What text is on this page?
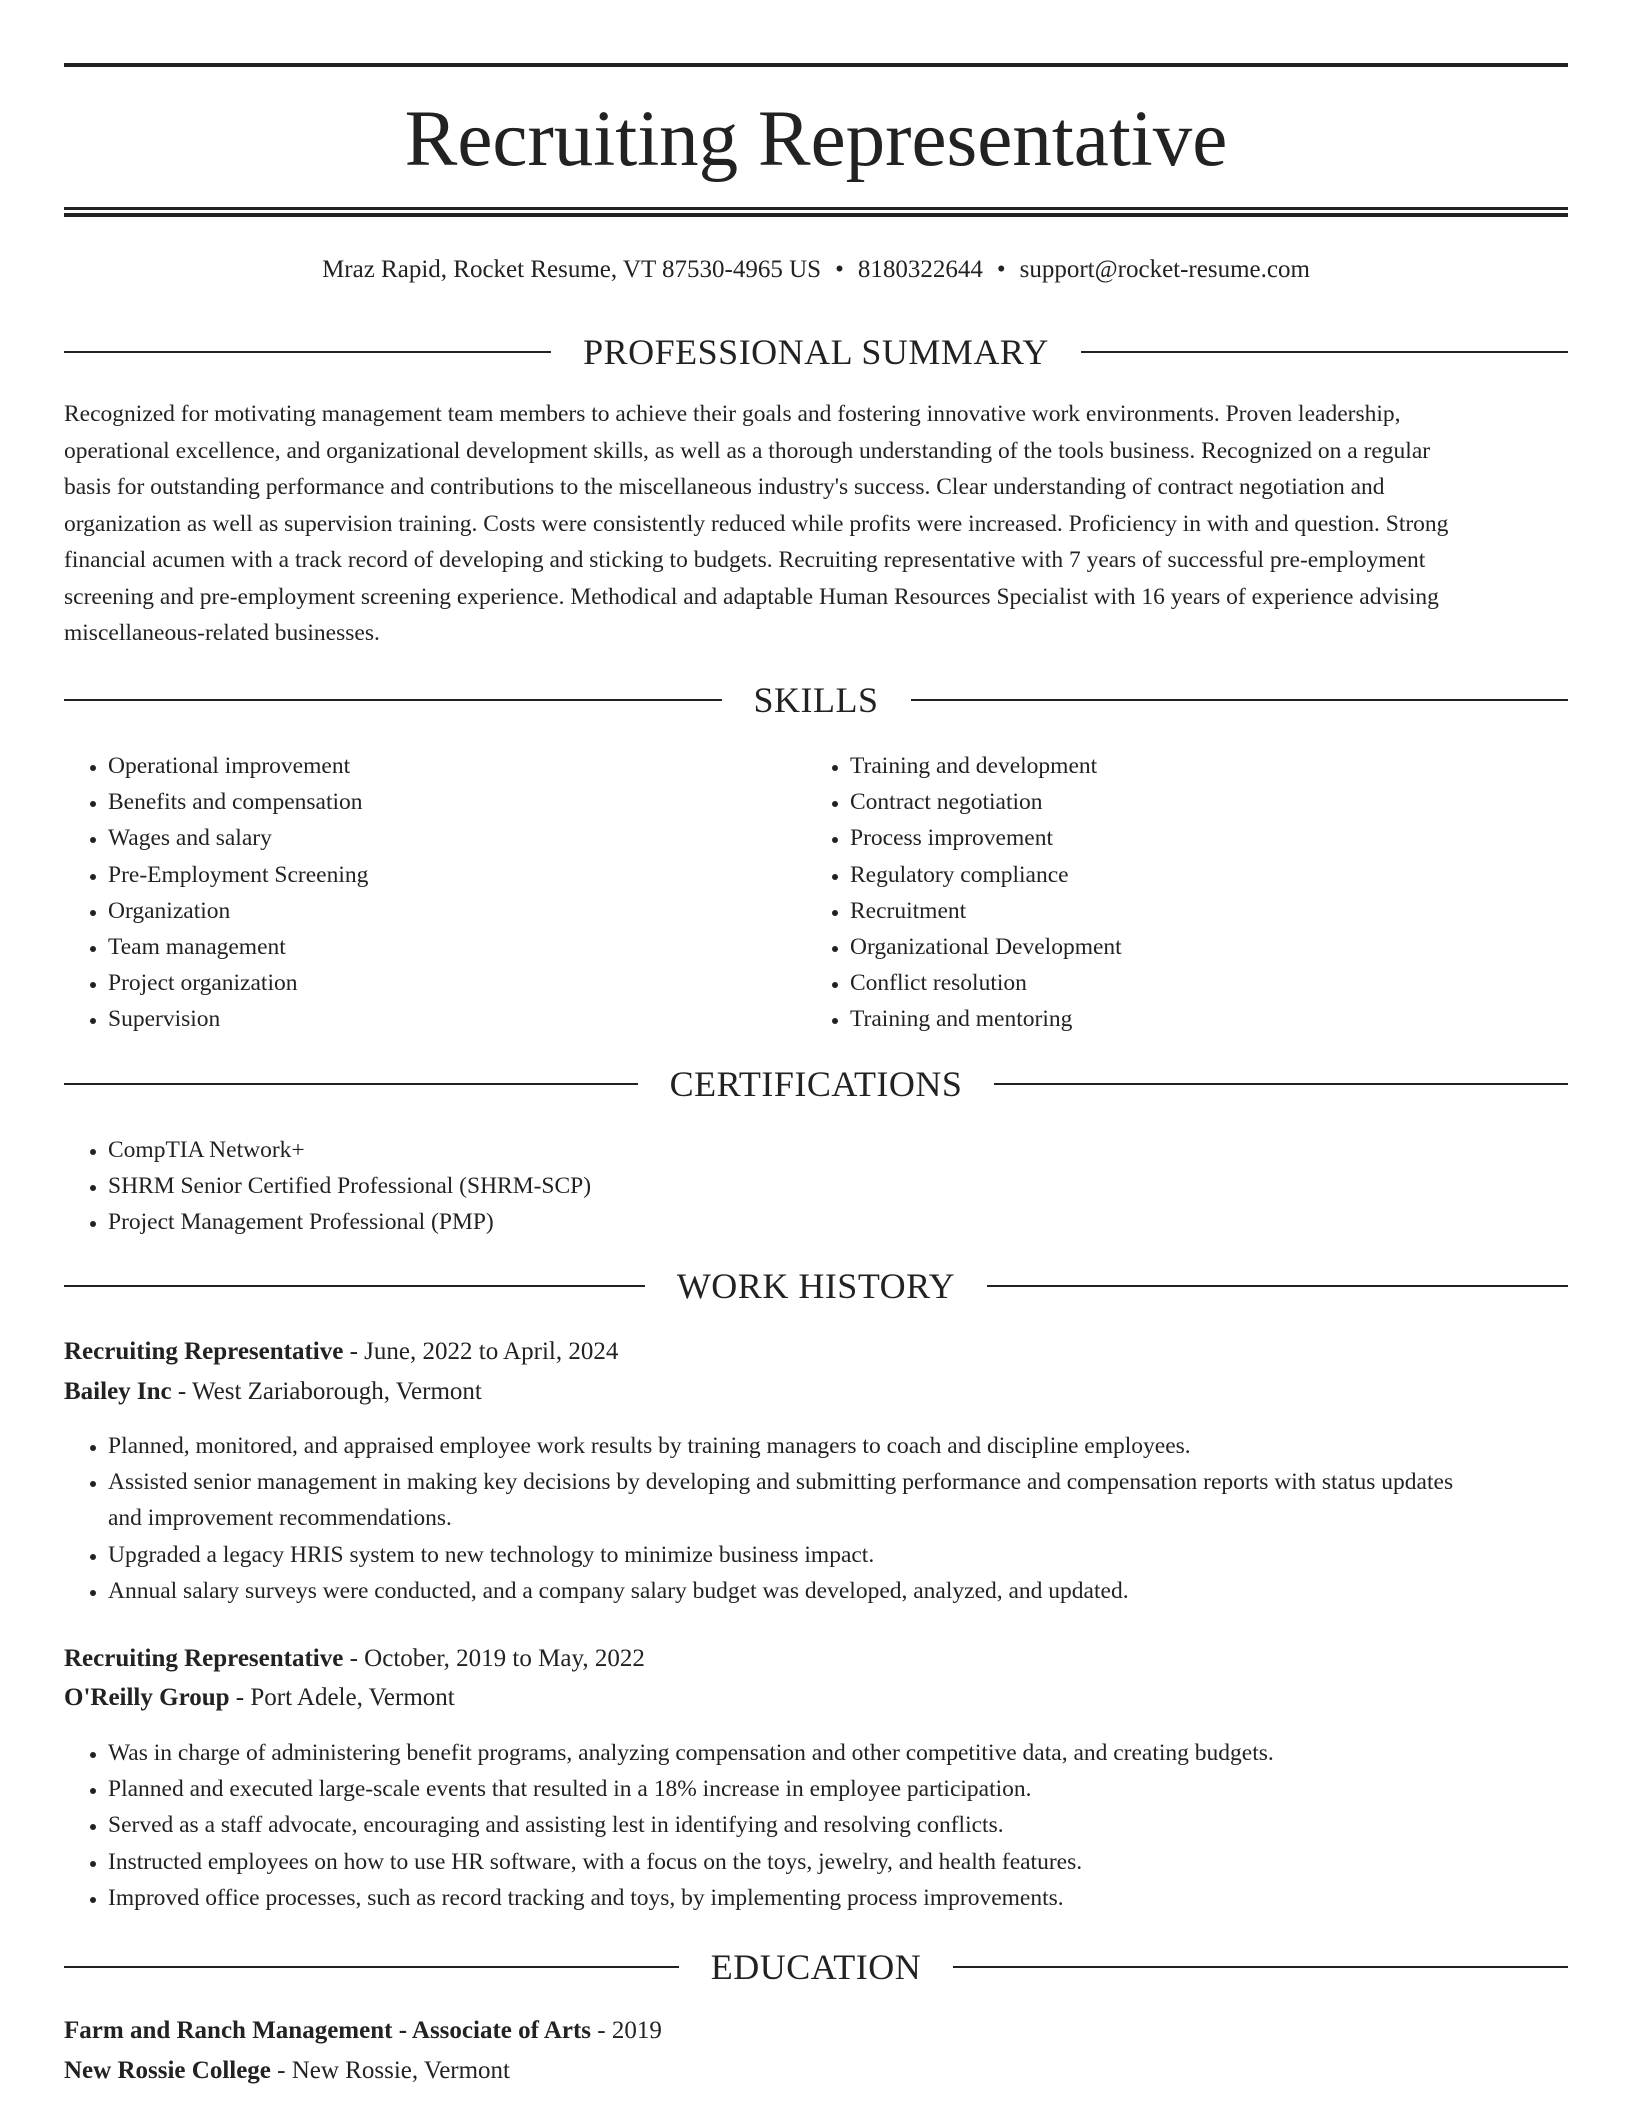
Recruiting Representative
Mraz Rapid, Rocket Resume, VT 87530-4965 US • 8180322644 • support@rocket-resume.com
PROFESSIONAL SUMMARY
Recognized for motivating management team members to achieve their goals and fostering innovative work environments. Proven leadership,
operational excellence, and organizational development skills, as well as a thorough understanding of the tools business. Recognized on a regular
basis for outstanding performance and contributions to the miscellaneous industry's success. Clear understanding of contract negotiation and
organization as well as supervision training. Costs were consistently reduced while profits were increased. Proficiency in with and question. Strong
financial acumen with a track record of developing and sticking to budgets. Recruiting representative with 7 years of successful pre-employment
screening and pre-employment screening experience. Methodical and adaptable Human Resources Specialist with 16 years of experience advising
miscellaneous-related businesses.
SKILLS
• Operational improvement
• Benefits and compensation
• Wages and salary
• Pre-Employment Screening
• Organization
• Team management
• Project organization
• Supervision
• Training and development
• Contract negotiation
• Process improvement
• Regulatory compliance
• Recruitment
• Organizational Development
• Conflict resolution
• Training and mentoring
CERTIFICATIONS
• CompTIA Network+
• SHRM Senior Certified Professional (SHRM-SCP)
• Project Management Professional (PMP)
WORK HISTORY
Recruiting Representative - June, 2022 to April, 2024
Bailey Inc - West Zariaborough, Vermont
• Planned, monitored, and appraised employee work results by training managers to coach and discipline employees.
• Assisted senior management in making key decisions by developing and submitting performance and compensation reports with status updates
and improvement recommendations.
• Upgraded a legacy HRIS system to new technology to minimize business impact.
• Annual salary surveys were conducted, and a company salary budget was developed, analyzed, and updated.
Recruiting Representative - October, 2019 to May, 2022
O'Reilly Group - Port Adele, Vermont
• Was in charge of administering benefit programs, analyzing compensation and other competitive data, and creating budgets.
• Planned and executed large-scale events that resulted in a 18% increase in employee participation.
• Served as a staff advocate, encouraging and assisting lest in identifying and resolving conflicts.
• Instructed employees on how to use HR software, with a focus on the toys, jewelry, and health features.
• Improved office processes, such as record tracking and toys, by implementing process improvements.
EDUCATION
Farm and Ranch Management - Associate of Arts - 2019
New Rossie College - New Rossie, Vermont
